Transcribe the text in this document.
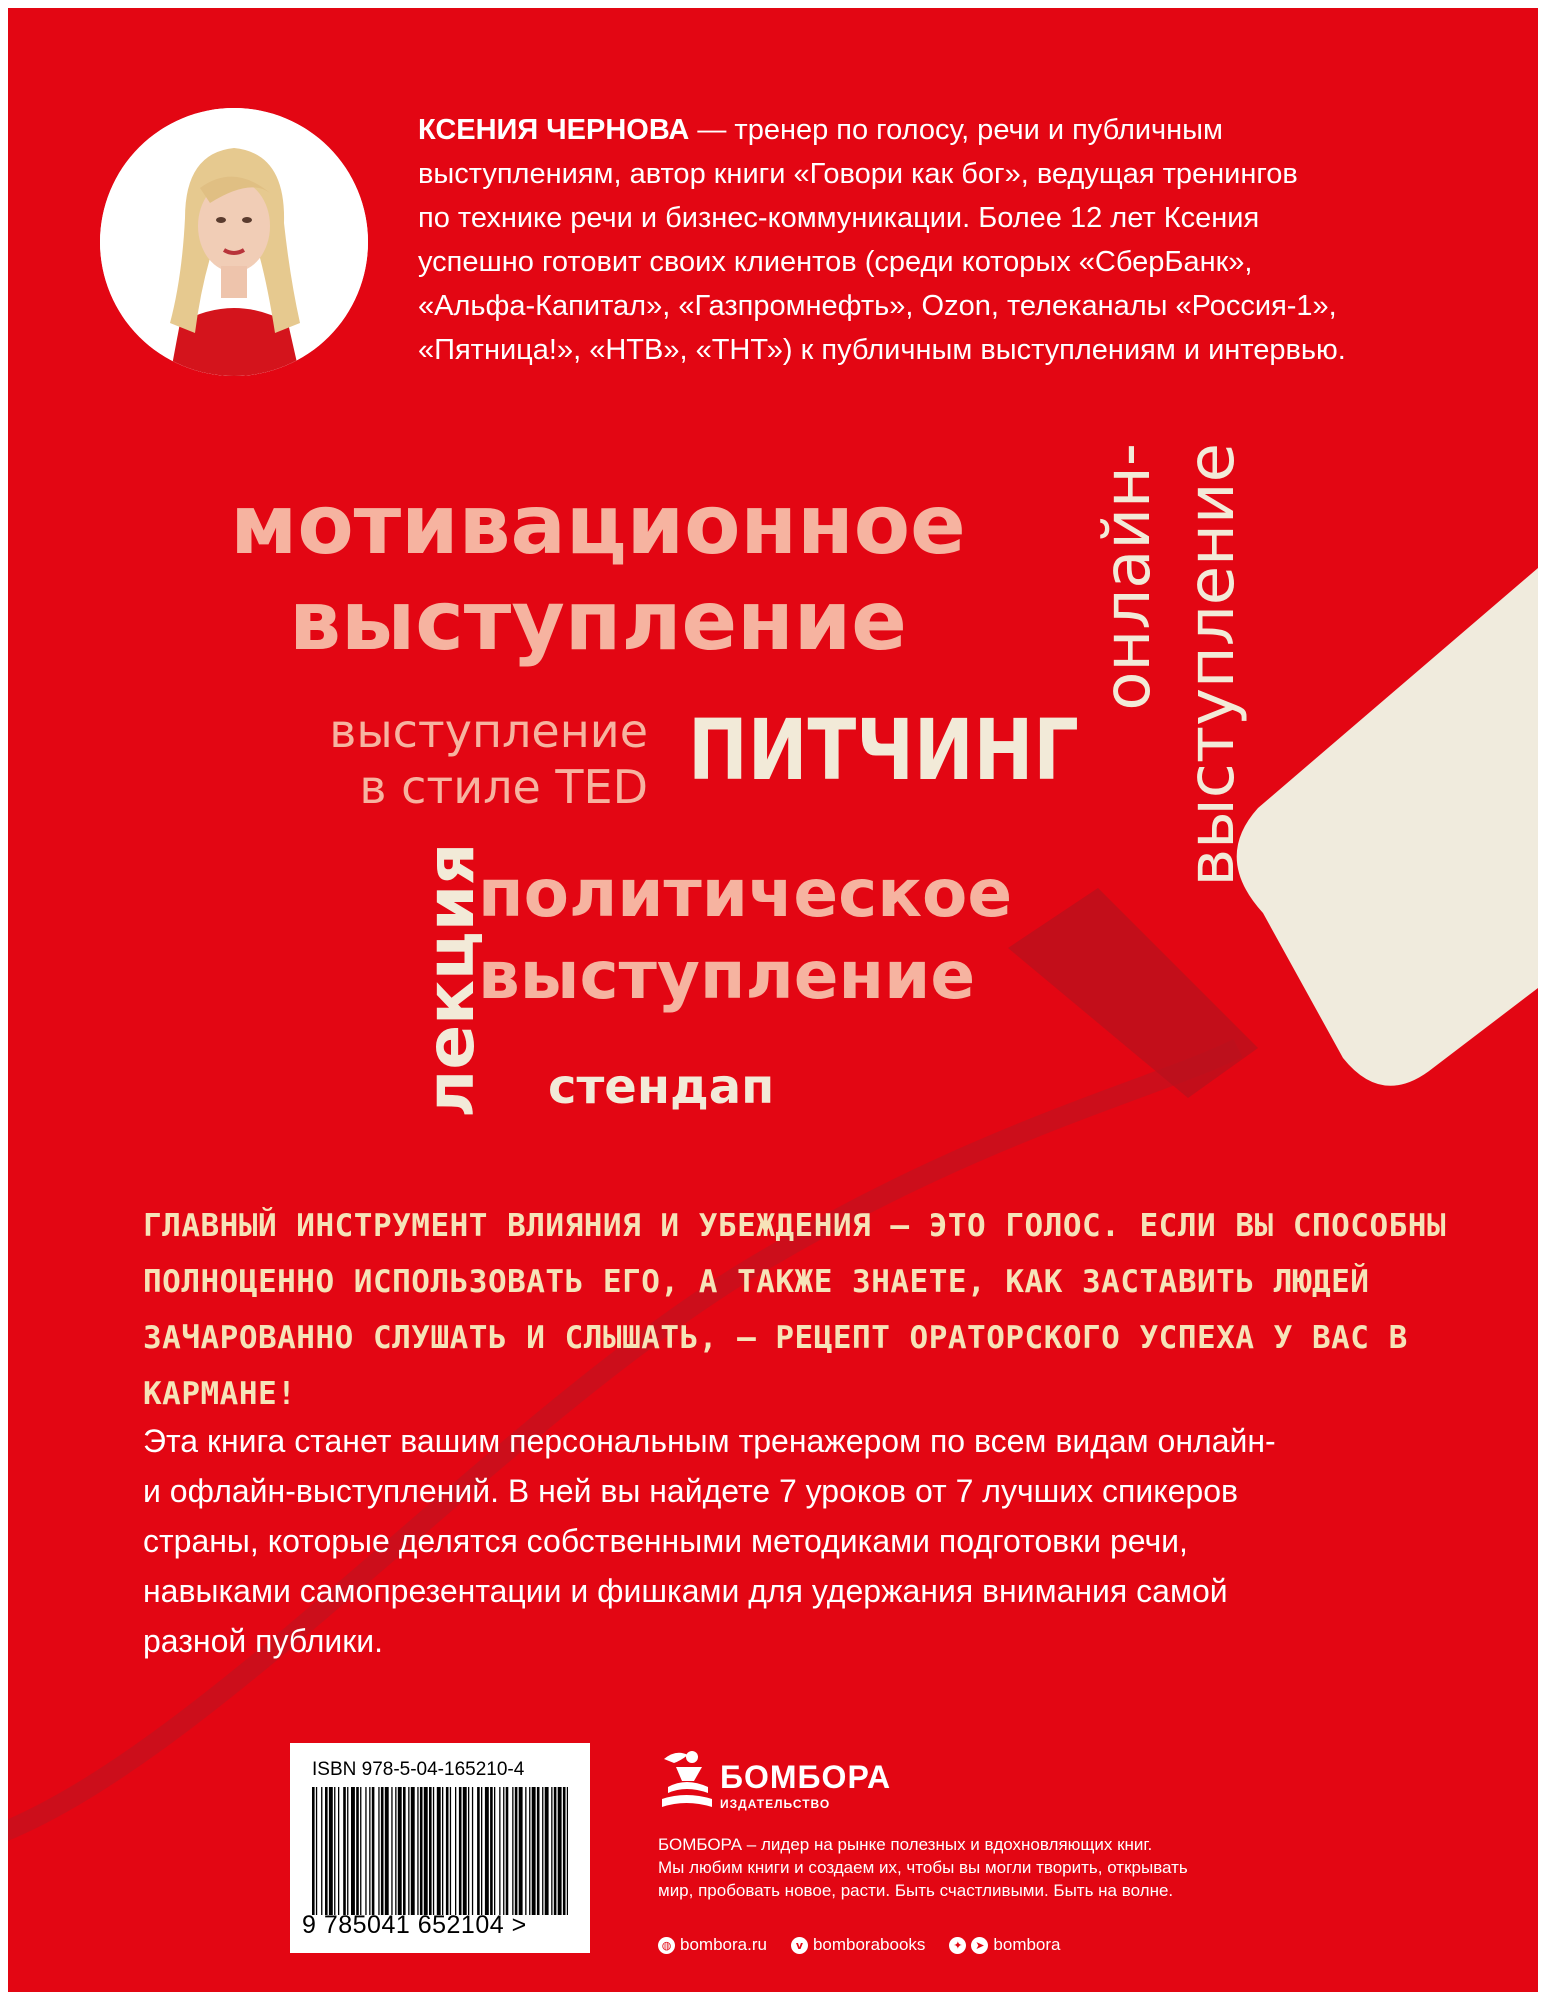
КСЕНИЯ ЧЕРНОВА — тренер по голосу, речи и публичным
выступлениям, автор книги «Говори как бог», ведущая тренингов
по технике речи и бизнес-коммуникации. Более 12 лет Ксения
успешно готовит своих клиентов (среди которых «СберБанк»,
«Альфа-Капитал», «Газпромнефть», Ozon, телеканалы «Россия-1»,
«Пятница!», «НТВ», «ТНТ») к публичным выступлениям и интервью.
мотивационное
выступление
выступление
в стиле TED ПИТЧИНГ
политическое
выступление
стендап
лекция
онлайн-
выступление
ГЛАВНЫЙ ИНСТРУМЕНТ ВЛИЯНИЯ И УБЕЖДЕНИЯ — ЭТО ГОЛОС. ЕСЛИ ВЫ СПОСОБНЫ
ПОЛНОЦЕННО ИСПОЛЬЗОВАТЬ ЕГО, А ТАКЖЕ ЗНАЕТЕ, КАК ЗАСТАВИТЬ ЛЮДЕЙ
ЗАЧАРОВАННО СЛУШАТЬ И СЛЫШАТЬ, — РЕЦЕПТ ОРАТОРСКОГО УСПЕХА У ВАС В КАРМАНЕ!
Эта книга станет вашим персональным тренажером по всем видам онлайн-
и офлайн-выступлений. В ней вы найдете 7 уроков от 7 лучших спикеров
страны, которые делятся собственными методиками подготовки речи,
навыками самопрезентации и фишками для удержания внимания самой
разной публики.
ISBN 978-5-04-165210-4
9 785041 652104 >
БОМБОРА
ИЗДАТЕЛЬСТВО
БОМБОРА – лидер на рынке полезных и вдохновляющих книг.
Мы любим книги и создаем их, чтобы вы могли творить, открывать
мир, пробовать новое, расти. Быть счастливыми. Быть на волне.
◍ bombora.ru	v bomborabooks	✦	➤ bombora
